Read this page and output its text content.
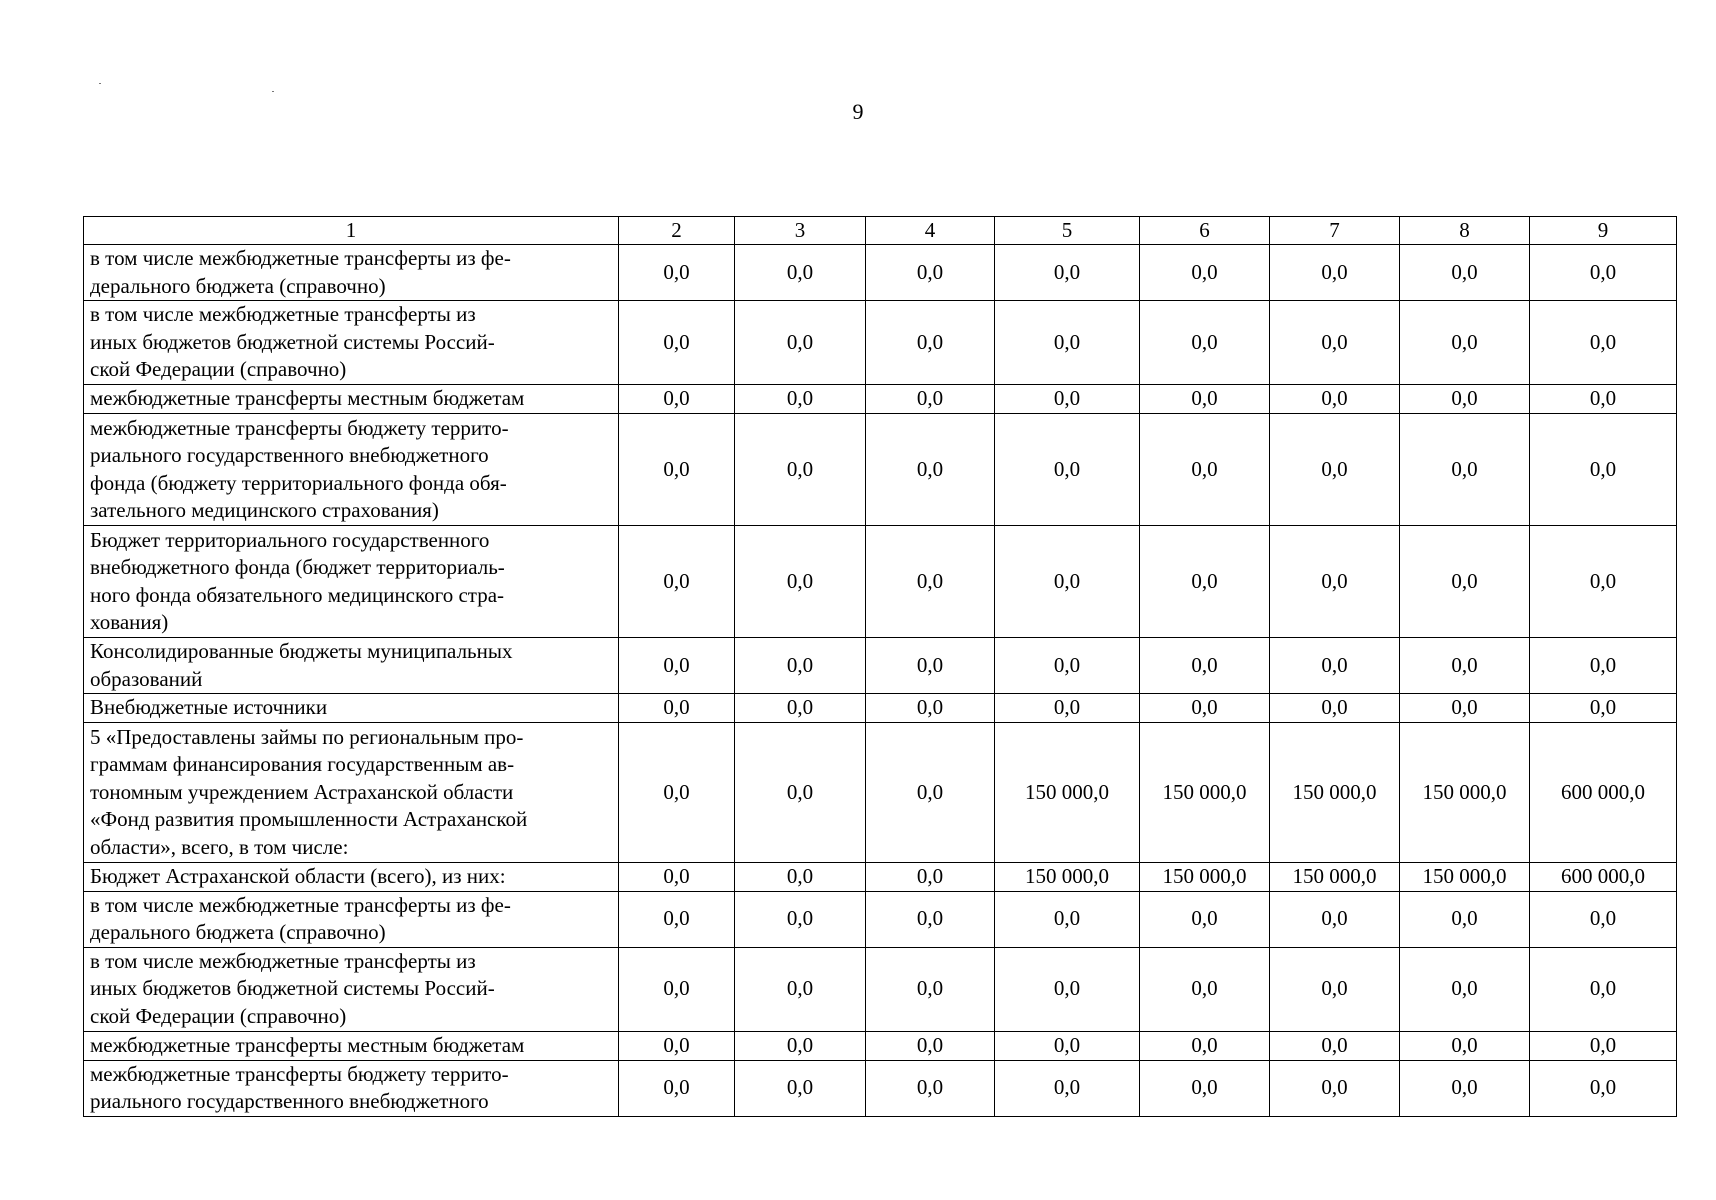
9
1	2	3	4	5	6	7	8	9
в том числе межбюджетные трансферты из фе-
дерального бюджета (справочно)	0,0	0,0	0,0	0,0	0,0	0,0	0,0	0,0
в том числе межбюджетные трансферты из
иных бюджетов бюджетной системы Россий-
ской Федерации (справочно)	0,0	0,0	0,0	0,0	0,0	0,0	0,0	0,0
межбюджетные трансферты местным бюджетам	0,0	0,0	0,0	0,0	0,0	0,0	0,0	0,0
межбюджетные трансферты бюджету террито-
риального государственного внебюджетного
фонда (бюджету территориального фонда обя-
зательного медицинского страхования)	0,0	0,0	0,0	0,0	0,0	0,0	0,0	0,0
Бюджет территориального государственного
внебюджетного фонда (бюджет территориаль-
ного фонда обязательного медицинского стра-
хования)	0,0	0,0	0,0	0,0	0,0	0,0	0,0	0,0
Консолидированные бюджеты муниципальных
образований	0,0	0,0	0,0	0,0	0,0	0,0	0,0	0,0
Внебюджетные источники	0,0	0,0	0,0	0,0	0,0	0,0	0,0	0,0
5 «Предоставлены займы по региональным про-
граммам финансирования государственным ав-
тономным учреждением Астраханской области
«Фонд развития промышленности Астраханской
области», всего, в том числе:	0,0	0,0	0,0	150 000,0	150 000,0	150 000,0	150 000,0	600 000,0
Бюджет Астраханской области (всего), из них:	0,0	0,0	0,0	150 000,0	150 000,0	150 000,0	150 000,0	600 000,0
в том числе межбюджетные трансферты из фе-
дерального бюджета (справочно)	0,0	0,0	0,0	0,0	0,0	0,0	0,0	0,0
в том числе межбюджетные трансферты из
иных бюджетов бюджетной системы Россий-
ской Федерации (справочно)	0,0	0,0	0,0	0,0	0,0	0,0	0,0	0,0
межбюджетные трансферты местным бюджетам	0,0	0,0	0,0	0,0	0,0	0,0	0,0	0,0
межбюджетные трансферты бюджету террито-
риального государственного внебюджетного	0,0	0,0	0,0	0,0	0,0	0,0	0,0	0,0
